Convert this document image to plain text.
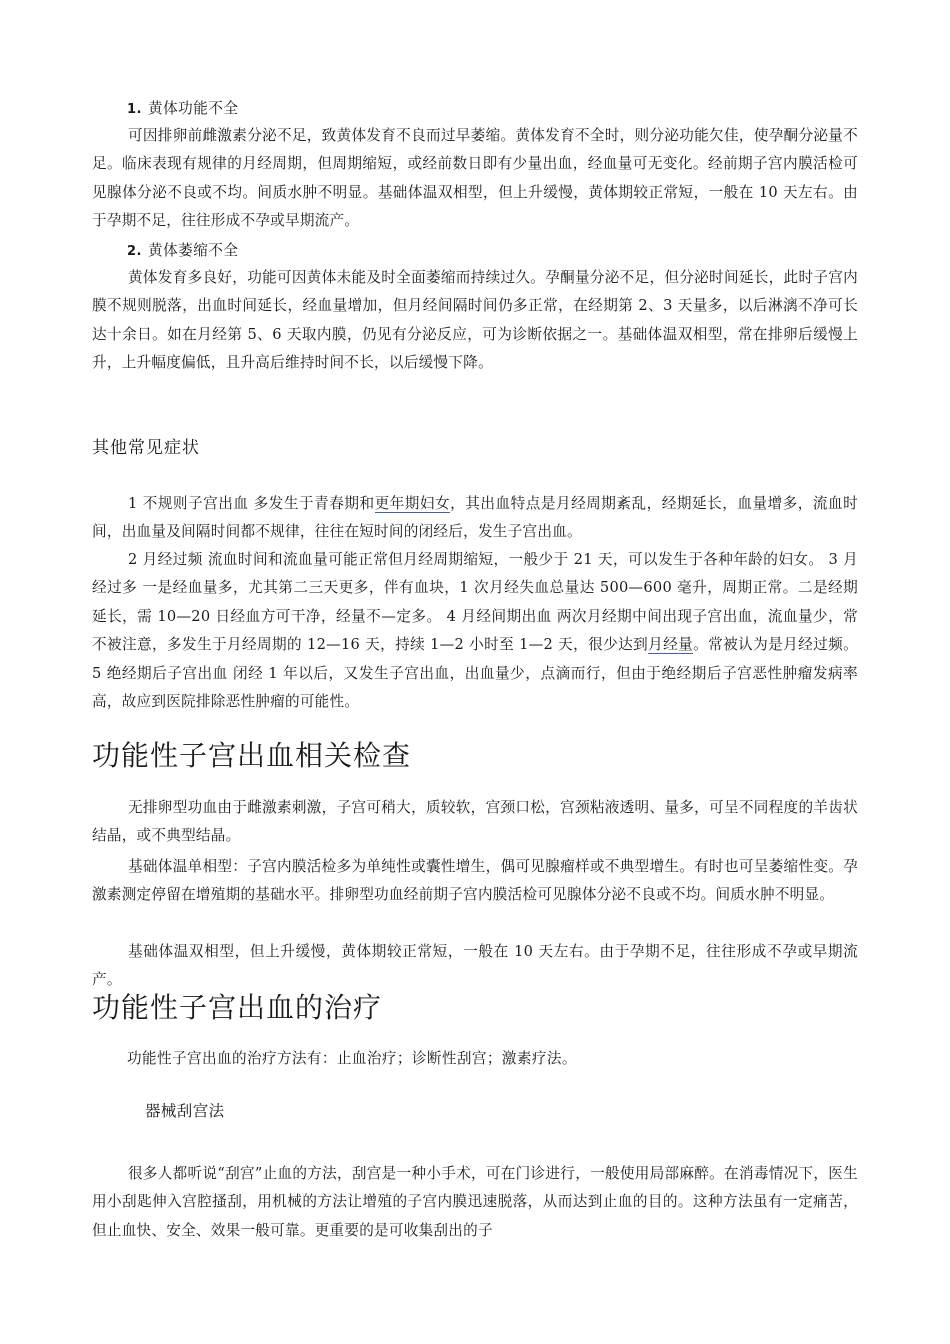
1. 黄体功能不全

可因排卵前雌激素分泌不足，致黄体发育不良而过早萎缩。黄体发育不全时，则分泌功能欠佳，使孕酮分泌量不足。临床表现有规律的月经周期，但周期缩短，或经前数日即有少量出血，经血量可无变化。经前期子宫内膜活检可见腺体分泌不良或不均。间质水肿不明显。基础体温双相型，但上升缓慢，黄体期较正常短，一般在 10 天左右。由于孕期不足，往往形成不孕或早期流产。

2. 黄体萎缩不全

黄体发育多良好，功能可因黄体未能及时全面萎缩而持续过久。孕酮量分泌不足，但分泌时间延长，此时子宫内膜不规则脱落，出血时间延长，经血量增加，但月经间隔时间仍多正常，在经期第 2、3 天量多，以后淋漓不净可长达十余日。如在月经第 5、6 天取内膜，仍见有分泌反应，可为诊断依据之一。基础体温双相型，常在排卵后缓慢上升，上升幅度偏低，且升高后维持时间不长，以后缓慢下降。

其他常见症状

1 不规则子宫出血 多发生于青春期和更年期妇女，其出血特点是月经周期紊乱，经期延长，血量增多，流血时间，出血量及间隔时间都不规律，往往在短时间的闭经后，发生子宫出血。

2 月经过频 流血时间和流血量可能正常但月经周期缩短，一般少于 21 天，可以发生于各种年龄的妇女。 3 月经过多 一是经血量多，尤其第二三天更多，伴有血块，1 次月经失血总量达 500—600 毫升，周期正常。二是经期延长，需 10—20 日经血方可干净，经量不—定多。 4 月经间期出血 两次月经期中间出现子宫出血，流血量少，常不被注意，多发生于月经周期的 12—16 天，持续 1—2 小时至 1—2 天，很少达到月经量。常被认为是月经过频。 5 绝经期后子宫出血 闭经 1 年以后，又发生子宫出血，出血量少，点滴而行，但由于绝经期后子宫恶性肿瘤发病率高，故应到医院排除恶性肿瘤的可能性。

功能性子宫出血相关检查

无排卵型功血由于雌激素刺激，子宫可稍大，质较软，宫颈口松，宫颈粘液透明、量多，可呈不同程度的羊齿状结晶，或不典型结晶。

基础体温单相型：子宫内膜活检多为单纯性或囊性增生，偶可见腺瘤样或不典型增生。有时也可呈萎缩性变。孕激素测定停留在增殖期的基础水平。排卵型功血经前期子宫内膜活检可见腺体分泌不良或不均。间质水肿不明显。

基础体温双相型，但上升缓慢，黄体期较正常短，一般在 10 天左右。由于孕期不足，往往形成不孕或早期流产。

功能性子宫出血的治疗

功能性子宫出血的治疗方法有：止血治疗；诊断性刮宫；激素疗法。

器械刮宫法

很多人都听说“刮宫”止血的方法，刮宫是一种小手术，可在门诊进行，一般使用局部麻醉。在消毒情况下，医生用小刮匙伸入宫腔搔刮，用机械的方法让增殖的子宫内膜迅速脱落，从而达到止血的目的。这种方法虽有一定痛苦，但止血快、安全、效果一般可靠。更重要的是可收集刮出的子
